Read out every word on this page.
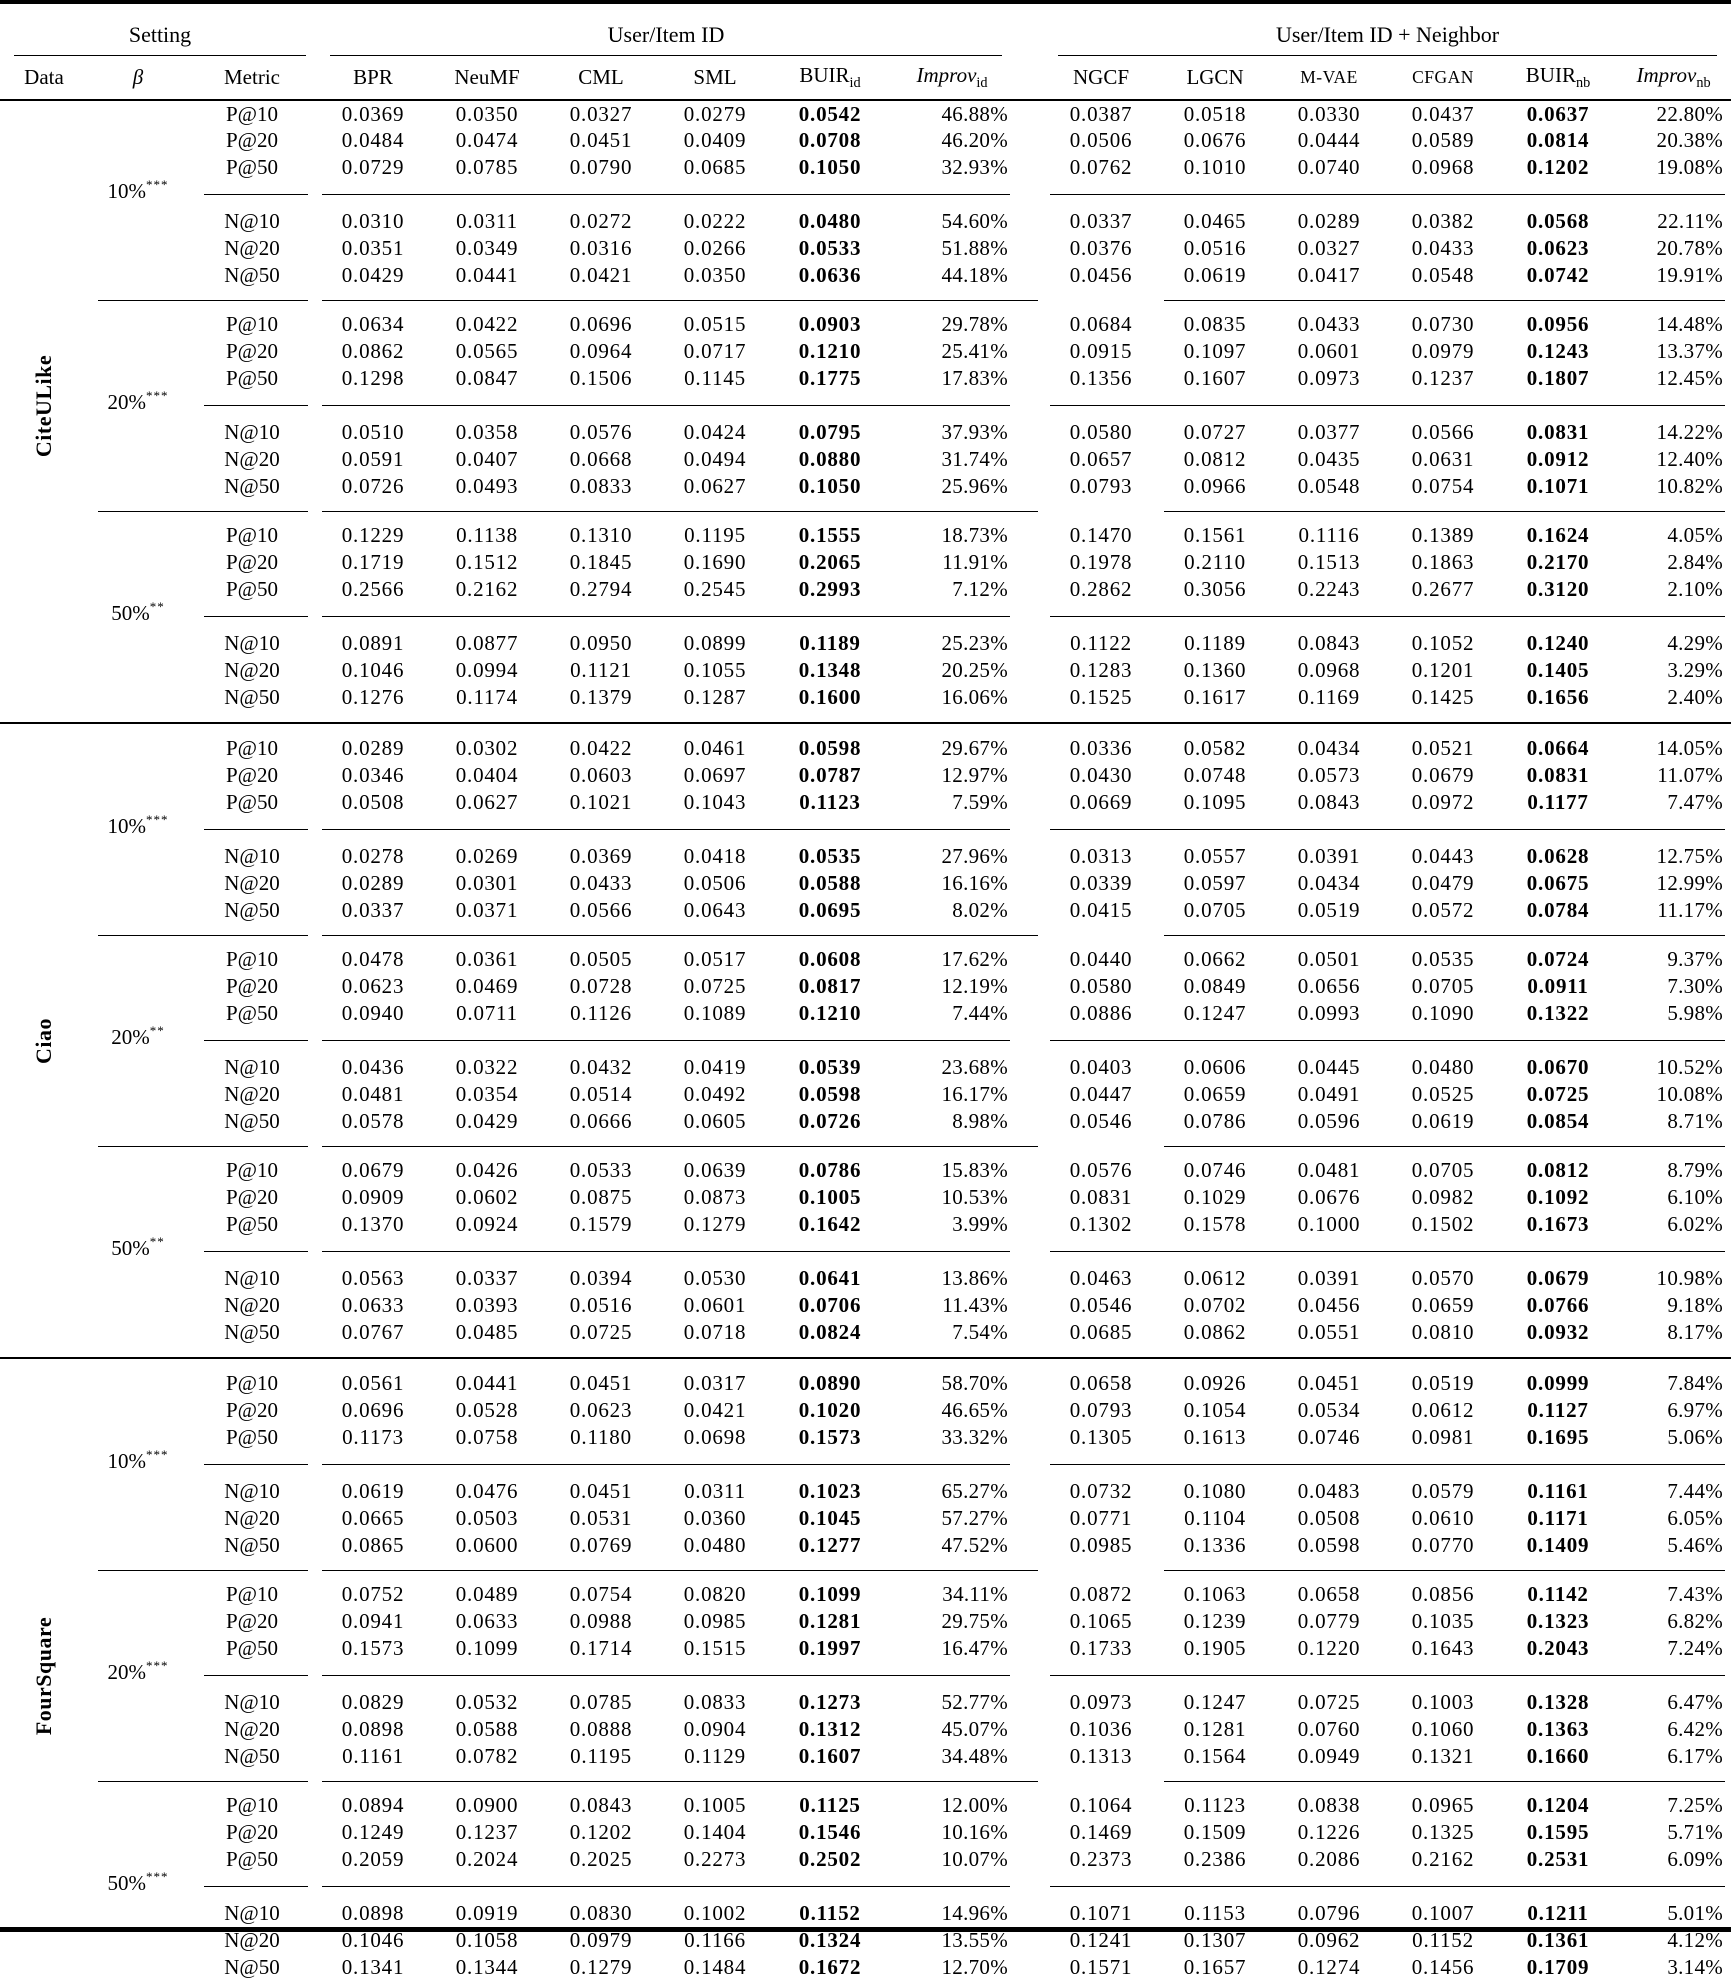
Setting			User/Item ID							User/Item ID + Neighbor					

Data	β	Metric	BPR	NeuMF	CML	SML	$BUIR_{id}$	Improv$_{id}$		NGCF	LGCN	M-VAE	CFGAN	$BUIR_{nb}$	Improv$_{nb}$

CiteULike		P@10	0.0369	0.0350	0.0327	0.0279	0.0542	46.88%		0.0387	0.0518	0.0330	0.0437	0.0637	22.80%
		P@20	0.0484	0.0474	0.0451	0.0409	0.0708	46.20%		0.0506	0.0676	0.0444	0.0589	0.0814	20.38%
		P@50	0.0729	0.0785	0.0790	0.0685	0.1050	32.93%		0.0762	0.1010	0.0740	0.0968	0.1202	19.08%
	10%***	

		N@10	0.0310	0.0311	0.0272	0.0222	0.0480	54.60%		0.0337	0.0465	0.0289	0.0382	0.0568	22.11%
		N@20	0.0351	0.0349	0.0316	0.0266	0.0533	51.88%		0.0376	0.0516	0.0327	0.0433	0.0623	20.78%
		N@50	0.0429	0.0441	0.0421	0.0350	0.0636	44.18%		0.0456	0.0619	0.0417	0.0548	0.0742	19.91%

		P@10	0.0634	0.0422	0.0696	0.0515	0.0903	29.78%		0.0684	0.0835	0.0433	0.0730	0.0956	14.48%
		P@20	0.0862	0.0565	0.0964	0.0717	0.1210	25.41%		0.0915	0.1097	0.0601	0.0979	0.1243	13.37%
		P@50	0.1298	0.0847	0.1506	0.1145	0.1775	17.83%		0.1356	0.1607	0.0973	0.1237	0.1807	12.45%
	20%***	

		N@10	0.0510	0.0358	0.0576	0.0424	0.0795	37.93%		0.0580	0.0727	0.0377	0.0566	0.0831	14.22%
		N@20	0.0591	0.0407	0.0668	0.0494	0.0880	31.74%		0.0657	0.0812	0.0435	0.0631	0.0912	12.40%
		N@50	0.0726	0.0493	0.0833	0.0627	0.1050	25.96%		0.0793	0.0966	0.0548	0.0754	0.1071	10.82%

		P@10	0.1229	0.1138	0.1310	0.1195	0.1555	18.73%		0.1470	0.1561	0.1116	0.1389	0.1624	4.05%
		P@20	0.1719	0.1512	0.1845	0.1690	0.2065	11.91%		0.1978	0.2110	0.1513	0.1863	0.2170	2.84%
		P@50	0.2566	0.2162	0.2794	0.2545	0.2993	7.12%		0.2862	0.3056	0.2243	0.2677	0.3120	2.10%
	50%**	

		N@10	0.0891	0.0877	0.0950	0.0899	0.1189	25.23%		0.1122	0.1189	0.0843	0.1052	0.1240	4.29%
		N@20	0.1046	0.0994	0.1121	0.1055	0.1348	20.25%		0.1283	0.1360	0.0968	0.1201	0.1405	3.29%
		N@50	0.1276	0.1174	0.1379	0.1287	0.1600	16.06%		0.1525	0.1617	0.1169	0.1425	0.1656	2.40%

Ciao		P@10	0.0289	0.0302	0.0422	0.0461	0.0598	29.67%		0.0336	0.0582	0.0434	0.0521	0.0664	14.05%
		P@20	0.0346	0.0404	0.0603	0.0697	0.0787	12.97%		0.0430	0.0748	0.0573	0.0679	0.0831	11.07%
		P@50	0.0508	0.0627	0.1021	0.1043	0.1123	7.59%		0.0669	0.1095	0.0843	0.0972	0.1177	7.47%
	10%***	

		N@10	0.0278	0.0269	0.0369	0.0418	0.0535	27.96%		0.0313	0.0557	0.0391	0.0443	0.0628	12.75%
		N@20	0.0289	0.0301	0.0433	0.0506	0.0588	16.16%		0.0339	0.0597	0.0434	0.0479	0.0675	12.99%
		N@50	0.0337	0.0371	0.0566	0.0643	0.0695	8.02%		0.0415	0.0705	0.0519	0.0572	0.0784	11.17%

		P@10	0.0478	0.0361	0.0505	0.0517	0.0608	17.62%		0.0440	0.0662	0.0501	0.0535	0.0724	9.37%
		P@20	0.0623	0.0469	0.0728	0.0725	0.0817	12.19%		0.0580	0.0849	0.0656	0.0705	0.0911	7.30%
		P@50	0.0940	0.0711	0.1126	0.1089	0.1210	7.44%		0.0886	0.1247	0.0993	0.1090	0.1322	5.98%
	20%**	

		N@10	0.0436	0.0322	0.0432	0.0419	0.0539	23.68%		0.0403	0.0606	0.0445	0.0480	0.0670	10.52%
		N@20	0.0481	0.0354	0.0514	0.0492	0.0598	16.17%		0.0447	0.0659	0.0491	0.0525	0.0725	10.08%
		N@50	0.0578	0.0429	0.0666	0.0605	0.0726	8.98%		0.0546	0.0786	0.0596	0.0619	0.0854	8.71%

		P@10	0.0679	0.0426	0.0533	0.0639	0.0786	15.83%		0.0576	0.0746	0.0481	0.0705	0.0812	8.79%
		P@20	0.0909	0.0602	0.0875	0.0873	0.1005	10.53%		0.0831	0.1029	0.0676	0.0982	0.1092	6.10%
		P@50	0.1370	0.0924	0.1579	0.1279	0.1642	3.99%		0.1302	0.1578	0.1000	0.1502	0.1673	6.02%
	50%**	

		N@10	0.0563	0.0337	0.0394	0.0530	0.0641	13.86%		0.0463	0.0612	0.0391	0.0570	0.0679	10.98%
		N@20	0.0633	0.0393	0.0516	0.0601	0.0706	11.43%		0.0546	0.0702	0.0456	0.0659	0.0766	9.18%
		N@50	0.0767	0.0485	0.0725	0.0718	0.0824	7.54%		0.0685	0.0862	0.0551	0.0810	0.0932	8.17%

FourSquare		P@10	0.0561	0.0441	0.0451	0.0317	0.0890	58.70%		0.0658	0.0926	0.0451	0.0519	0.0999	7.84%
		P@20	0.0696	0.0528	0.0623	0.0421	0.1020	46.65%		0.0793	0.1054	0.0534	0.0612	0.1127	6.97%
		P@50	0.1173	0.0758	0.1180	0.0698	0.1573	33.32%		0.1305	0.1613	0.0746	0.0981	0.1695	5.06%
	10%***	

		N@10	0.0619	0.0476	0.0451	0.0311	0.1023	65.27%		0.0732	0.1080	0.0483	0.0579	0.1161	7.44%
		N@20	0.0665	0.0503	0.0531	0.0360	0.1045	57.27%		0.0771	0.1104	0.0508	0.0610	0.1171	6.05%
		N@50	0.0865	0.0600	0.0769	0.0480	0.1277	47.52%		0.0985	0.1336	0.0598	0.0770	0.1409	5.46%

		P@10	0.0752	0.0489	0.0754	0.0820	0.1099	34.11%		0.0872	0.1063	0.0658	0.0856	0.1142	7.43%
		P@20	0.0941	0.0633	0.0988	0.0985	0.1281	29.75%		0.1065	0.1239	0.0779	0.1035	0.1323	6.82%
		P@50	0.1573	0.1099	0.1714	0.1515	0.1997	16.47%		0.1733	0.1905	0.1220	0.1643	0.2043	7.24%
	20%***	

		N@10	0.0829	0.0532	0.0785	0.0833	0.1273	52.77%		0.0973	0.1247	0.0725	0.1003	0.1328	6.47%
		N@20	0.0898	0.0588	0.0888	0.0904	0.1312	45.07%		0.1036	0.1281	0.0760	0.1060	0.1363	6.42%
		N@50	0.1161	0.0782	0.1195	0.1129	0.1607	34.48%		0.1313	0.1564	0.0949	0.1321	0.1660	6.17%

		P@10	0.0894	0.0900	0.0843	0.1005	0.1125	12.00%		0.1064	0.1123	0.0838	0.0965	0.1204	7.25%
		P@20	0.1249	0.1237	0.1202	0.1404	0.1546	10.16%		0.1469	0.1509	0.1226	0.1325	0.1595	5.71%
		P@50	0.2059	0.2024	0.2025	0.2273	0.2502	10.07%		0.2373	0.2386	0.2086	0.2162	0.2531	6.09%
	50%***	

		N@10	0.0898	0.0919	0.0830	0.1002	0.1152	14.96%		0.1071	0.1153	0.0796	0.1007	0.1211	5.01%
		N@20	0.1046	0.1058	0.0979	0.1166	0.1324	13.55%		0.1241	0.1307	0.0962	0.1152	0.1361	4.12%
		N@50	0.1341	0.1344	0.1279	0.1484	0.1672	12.70%		0.1571	0.1657	0.1274	0.1456	0.1709	3.14%
